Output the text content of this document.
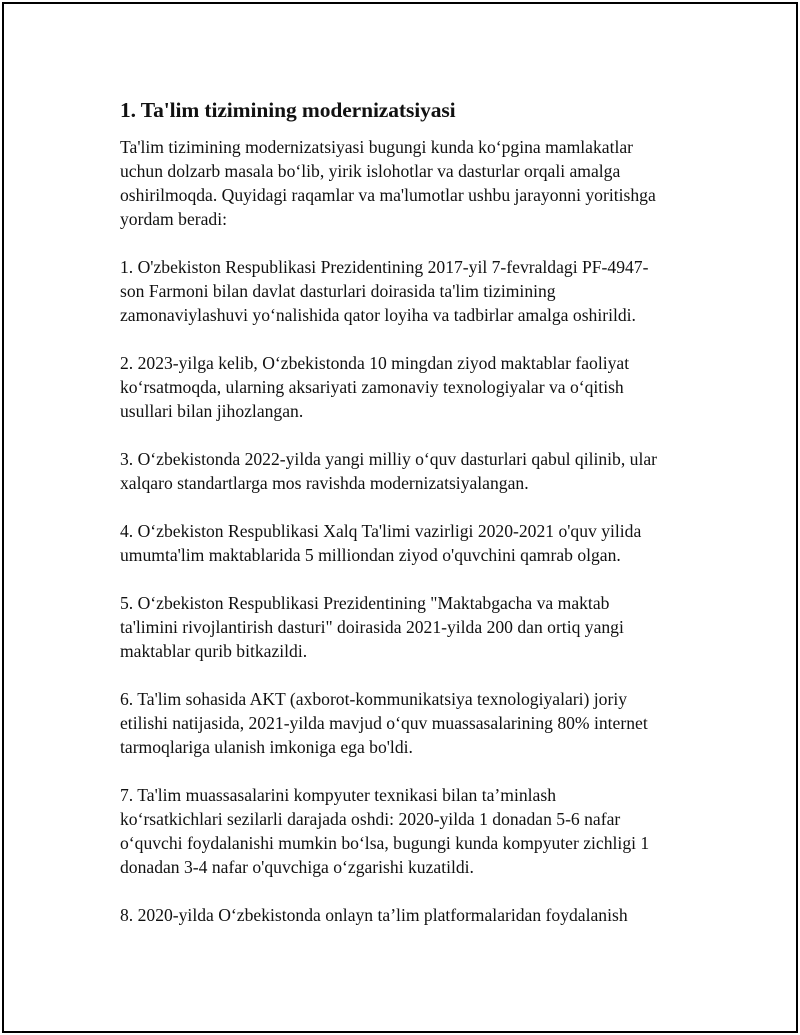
1. Ta'lim tizimining modernizatsiyasi

Ta'lim tizimining modernizatsiyasi bugungi kunda ko‘pgina mamlakatlar
uchun dolzarb masala bo‘lib, yirik islohotlar va dasturlar orqali amalga
oshirilmoqda. Quyidagi raqamlar va ma'lumotlar ushbu jarayonni yoritishga
yordam beradi:

1. O'zbekiston Respublikasi Prezidentining 2017-yil 7-fevraldagi PF-4947-
son Farmoni bilan davlat dasturlari doirasida ta'lim tizimining
zamonaviylashuvi yo‘nalishida qator loyiha va tadbirlar amalga oshirildi.

2. 2023-yilga kelib, O‘zbekistonda 10 mingdan ziyod maktablar faoliyat
ko‘rsatmoqda, ularning aksariyati zamonaviy texnologiyalar va o‘qitish
usullari bilan jihozlangan.

3. O‘zbekistonda 2022-yilda yangi milliy o‘quv dasturlari qabul qilinib, ular
xalqaro standartlarga mos ravishda modernizatsiyalangan.

4. O‘zbekiston Respublikasi Xalq Ta'limi vazirligi 2020-2021 o'quv yilida
umumta'lim maktablarida 5 milliondan ziyod o'quvchini qamrab olgan.

5. O‘zbekiston Respublikasi Prezidentining "Maktabgacha va maktab
ta'limini rivojlantirish dasturi" doirasida 2021-yilda 200 dan ortiq yangi
maktablar qurib bitkazildi.

6. Ta'lim sohasida AKT (axborot-kommunikatsiya texnologiyalari) joriy
etilishi natijasida, 2021-yilda mavjud o‘quv muassasalarining 80% internet
tarmoqlariga ulanish imkoniga ega bo'ldi.

7. Ta'lim muassasalarini kompyuter texnikasi bilan ta’minlash
ko‘rsatkichlari sezilarli darajada oshdi: 2020-yilda 1 donadan 5-6 nafar
o‘quvchi foydalanishi mumkin bo‘lsa, bugungi kunda kompyuter zichligi 1
donadan 3-4 nafar o'quvchiga o‘zgarishi kuzatildi.

8. 2020-yilda O‘zbekistonda onlayn ta’lim platformalaridan foydalanish
